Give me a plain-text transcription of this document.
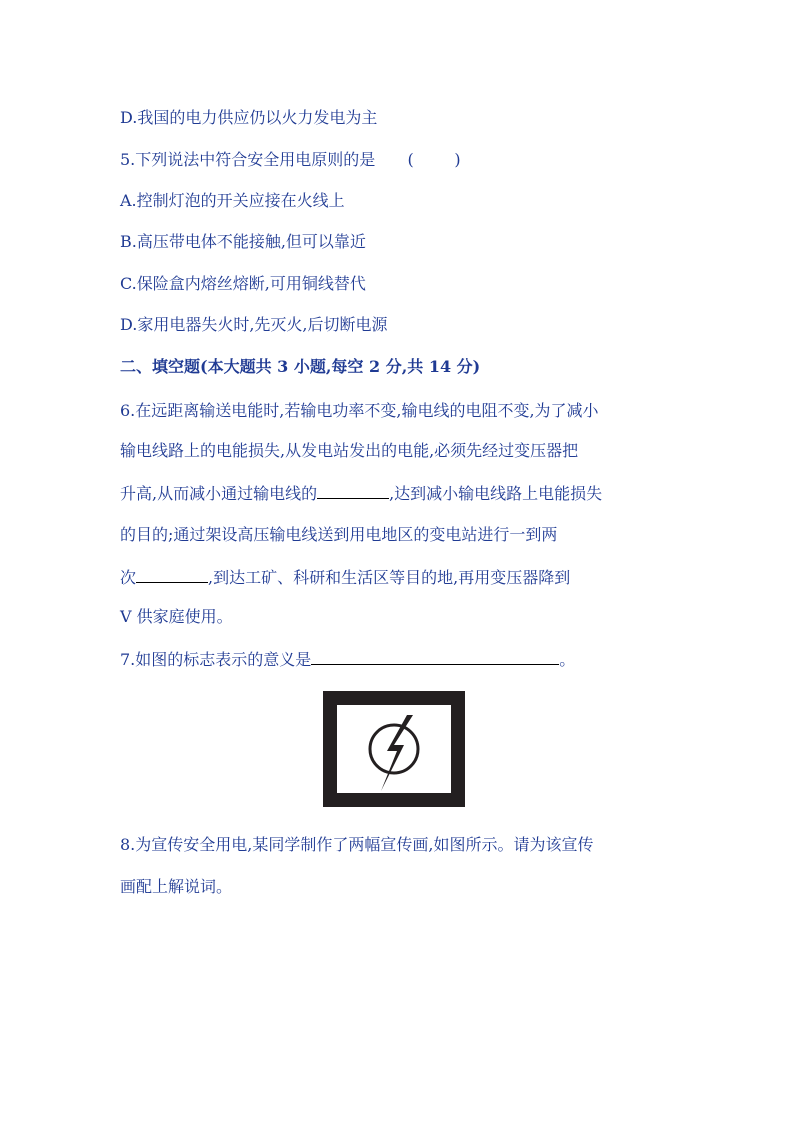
D.我国的电力供应仍以火力发电为主
5.下列说法中符合安全用电原则的是 (        )
A.控制灯泡的开关应接在火线上
B.高压带电体不能接触,但可以靠近
C.保险盒内熔丝熔断,可用铜线替代
D.家用电器失火时,先灭火,后切断电源
二、填空题(本大题共 3 小题,每空 2 分,共 14 分)
6.在远距离输送电能时,若输电功率不变,输电线的电阻不变,为了减小
输电线路上的电能损失,从发电站发出的电能,必须先经过变压器把
升高,从而减小通过输电线的	,达到减小输电线路上电能损失
的目的;通过架设高压输电线送到用电地区的变电站进行一到两
次	,到达工矿、科研和生活区等目的地,再用变压器降到
V 供家庭使用。
7.如图的标志表示的意义是	。
8.为宣传安全用电,某同学制作了两幅宣传画,如图所示。请为该宣传
画配上解说词。
